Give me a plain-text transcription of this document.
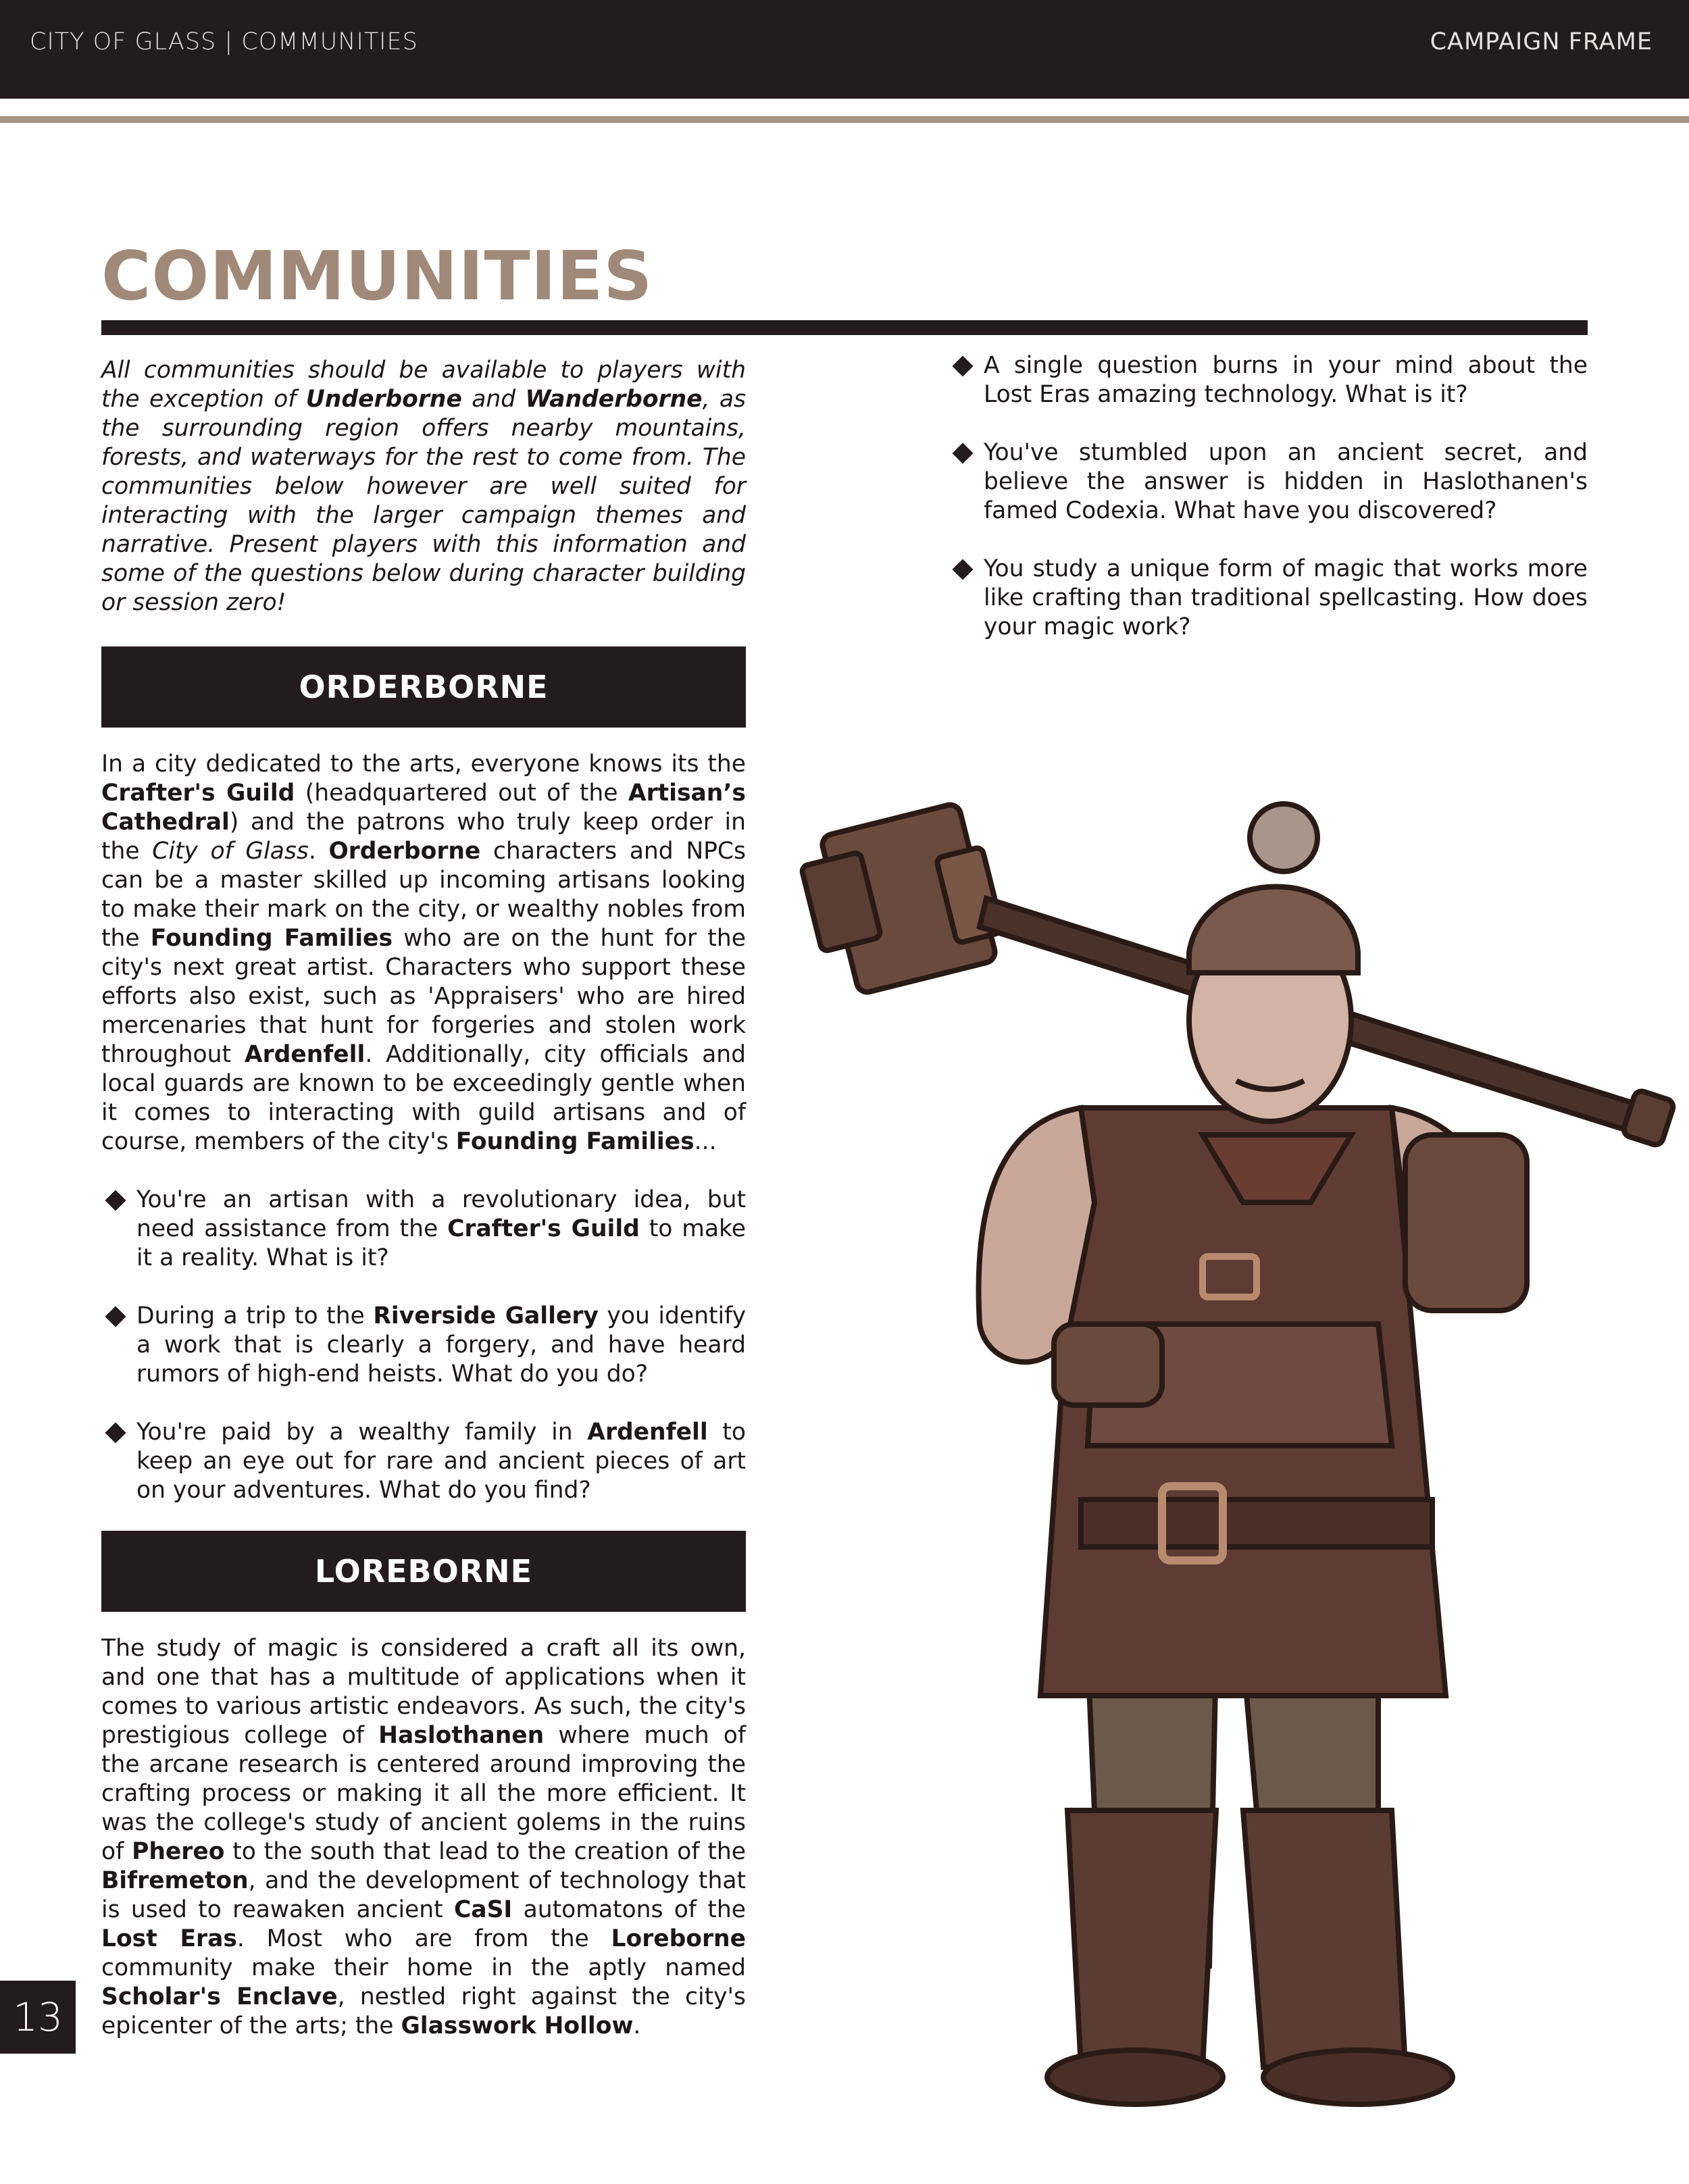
CITY OF GLASS | COMMUNITIES	CAMPAIGN FRAME
COMMUNITIES

All communities should be available to players with the exception of Underborne and Wanderborne, as the surrounding region offers nearby mountains, forests, and waterways for the rest to come from. The communities below however are well suited for interacting with the larger campaign themes and narrative. Present players with this information and some of the questions below during character building or session zero!

ORDERBORNE

In a city dedicated to the arts, everyone knows its the Crafter's Guild (headquartered out of the Artisan’s Cathedral) and the patrons who truly keep order in the City of Glass. Orderborne characters and NPCs can be a master skilled up incoming artisans looking to make their mark on the city, or wealthy nobles from the Founding Families who are on the hunt for the city's next great artist. Characters who support these efforts also exist, such as 'Appraisers' who are hired mercenaries that hunt for forgeries and stolen work throughout Ardenfell. Additionally, city officials and local guards are known to be exceedingly gentle when it comes to interacting with guild artisans and of course, members of the city's Founding Families...

You're an artisan with a revolutionary idea, but need assistance from the Crafter's Guild to make it a reality. What is it?
During a trip to the Riverside Gallery you identify a work that is clearly a forgery, and have heard rumors of high-end heists. What do you do?
You're paid by a wealthy family in Ardenfell to keep an eye out for rare and ancient pieces of art on your adventures. What do you find?
LOREBORNE

The study of magic is considered a craft all its own, and one that has a multitude of applications when it comes to various artistic endeavors. As such, the city's prestigious college of Haslothanen where much of the arcane research is centered around improving the crafting process or making it all the more efficient. It was the college's study of ancient golems in the ruins of Phereo to the south that lead to the creation of the Bifremeton, and the development of technology that is used to reawaken ancient CaSI automatons of the Lost Eras. Most who are from the Loreborne community make their home in the aptly named Scholar's Enclave, nestled right against the city's epicenter of the arts; the Glasswork Hollow.

A single question burns in your mind about the Lost Eras amazing technology. What is it?
You've stumbled upon an ancient secret, and believe the answer is hidden in Haslothanen's famed Codexia. What have you discovered?
You study a unique form of magic that works more like crafting than traditional spellcasting. How does your magic work?
13
